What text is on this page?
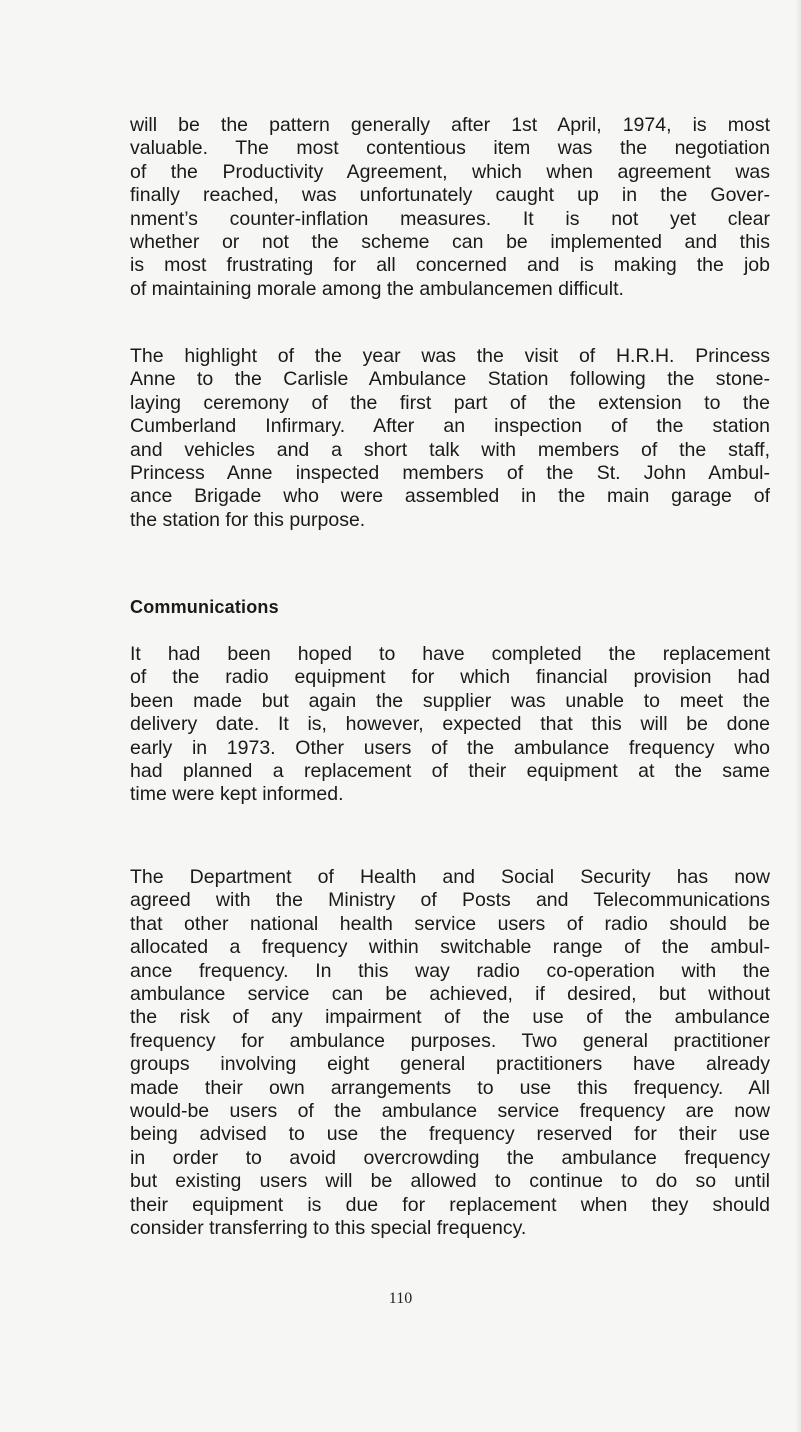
will be the pattern generally after 1st April, 1974, is most
valuable. The most contentious item was the negotiation
of the Productivity Agreement, which when agreement was
finally reached, was unfortunately caught up in the Gover-
nment’s counter-inflation measures. It is not yet clear
whether or not the scheme can be implemented and this
is most frustrating for all concerned and is making the job
of maintaining morale among the ambulancemen difficult.
The highlight of the year was the visit of H.R.H. Princess
Anne to the Carlisle Ambulance Station following the stone-
laying ceremony of the first part of the extension to the
Cumberland Infirmary. After an inspection of the station
and vehicles and a short talk with members of the staff,
Princess Anne inspected members of the St. John Ambul-
ance Brigade who were assembled in the main garage of
the station for this purpose.
Communications
It had been hoped to have completed the replacement
of the radio equipment for which financial provision had
been made but again the supplier was unable to meet the
delivery date. It is, however, expected that this will be done
early in 1973. Other users of the ambulance frequency who
had planned a replacement of their equipment at the same
time were kept informed.
The Department of Health and Social Security has now
agreed with the Ministry of Posts and Telecommunications
that other national health service users of radio should be
allocated a frequency within switchable range of the ambul-
ance frequency. In this way radio co-operation with the
ambulance service can be achieved, if desired, but without
the risk of any impairment of the use of the ambulance
frequency for ambulance purposes. Two general practitioner
groups involving eight general practitioners have already
made their own arrangements to use this frequency. All
would-be users of the ambulance service frequency are now
being advised to use the frequency reserved for their use
in order to avoid overcrowding the ambulance frequency
but existing users will be allowed to continue to do so until
their equipment is due for replacement when they should
consider transferring to this special frequency.
110
